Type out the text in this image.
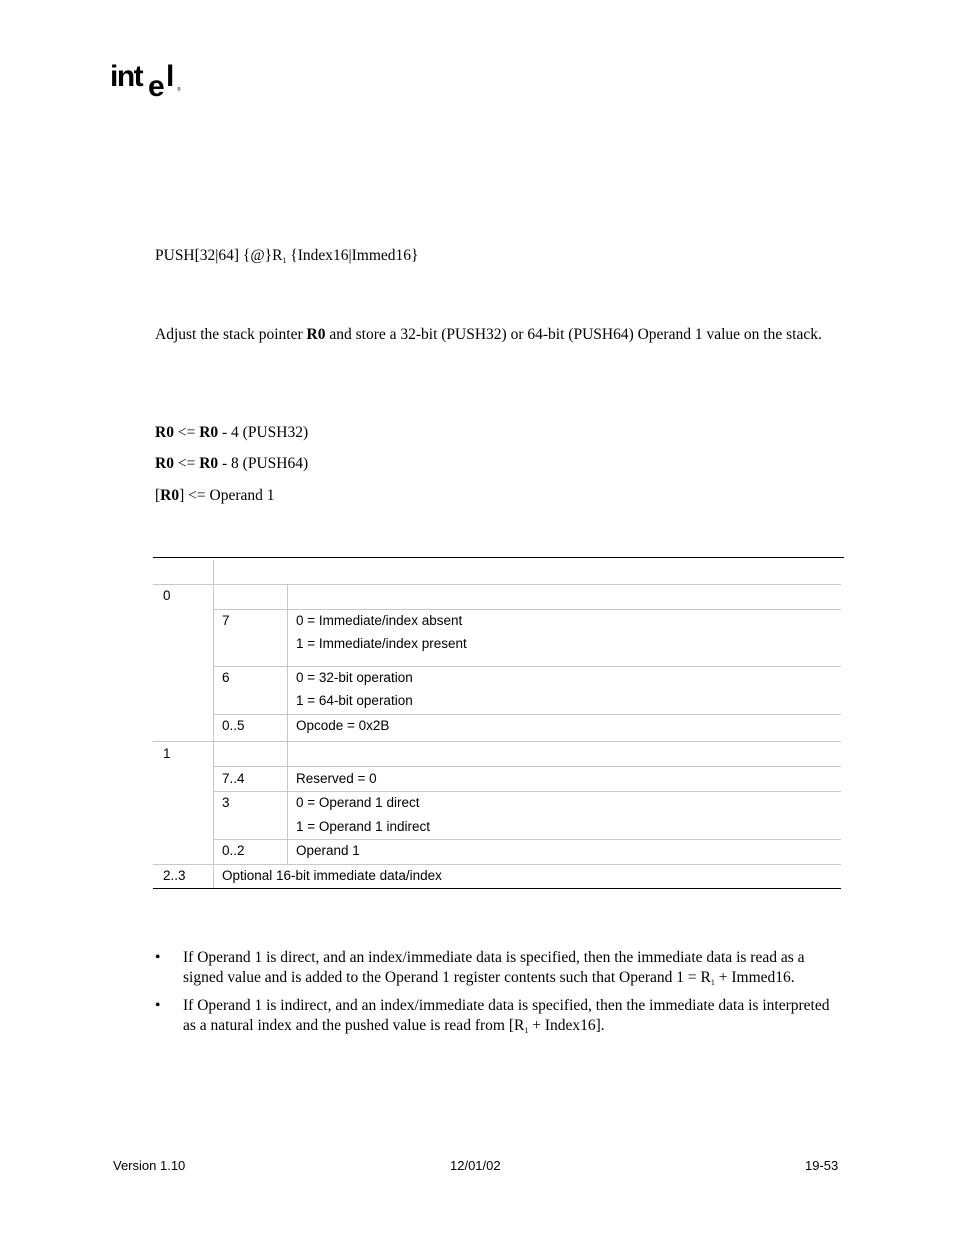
int e l ®
PUSH[32|64] $\{@\}R_1$ {Index16|Immed16}
Adjust the stack pointer R0 and store a 32-bit (PUSH32) or 64-bit (PUSH64) Operand 1 value on the stack.
R0 <= R0 - 4 (PUSH32)
R0 <= R0 - 8 (PUSH64)
[R0] <= Operand 1
0
7	0 = Immediate/index absent
1 = Immediate/index present
6	0 = 32-bit operation
1 = 64-bit operation
0..5	Opcode = 0x2B
1
7..4	Reserved = 0
3	0 = Operand 1 direct
1 = Operand 1 indirect
0..2	Operand 1
2..3	Optional 16-bit immediate data/index
• If Operand 1 is direct, and an index/immediate data is specified, then the immediate data is read as a signed value and is added to the Operand 1 register contents such that Operand $1 = R_1$ + Immed16.
• If Operand 1 is indirect, and an index/immediate data is specified, then the immediate data is interpreted as a natural index and the pushed value is read from [$R_1$ + Index16].
Version 1.10	12/01/02	19-53
